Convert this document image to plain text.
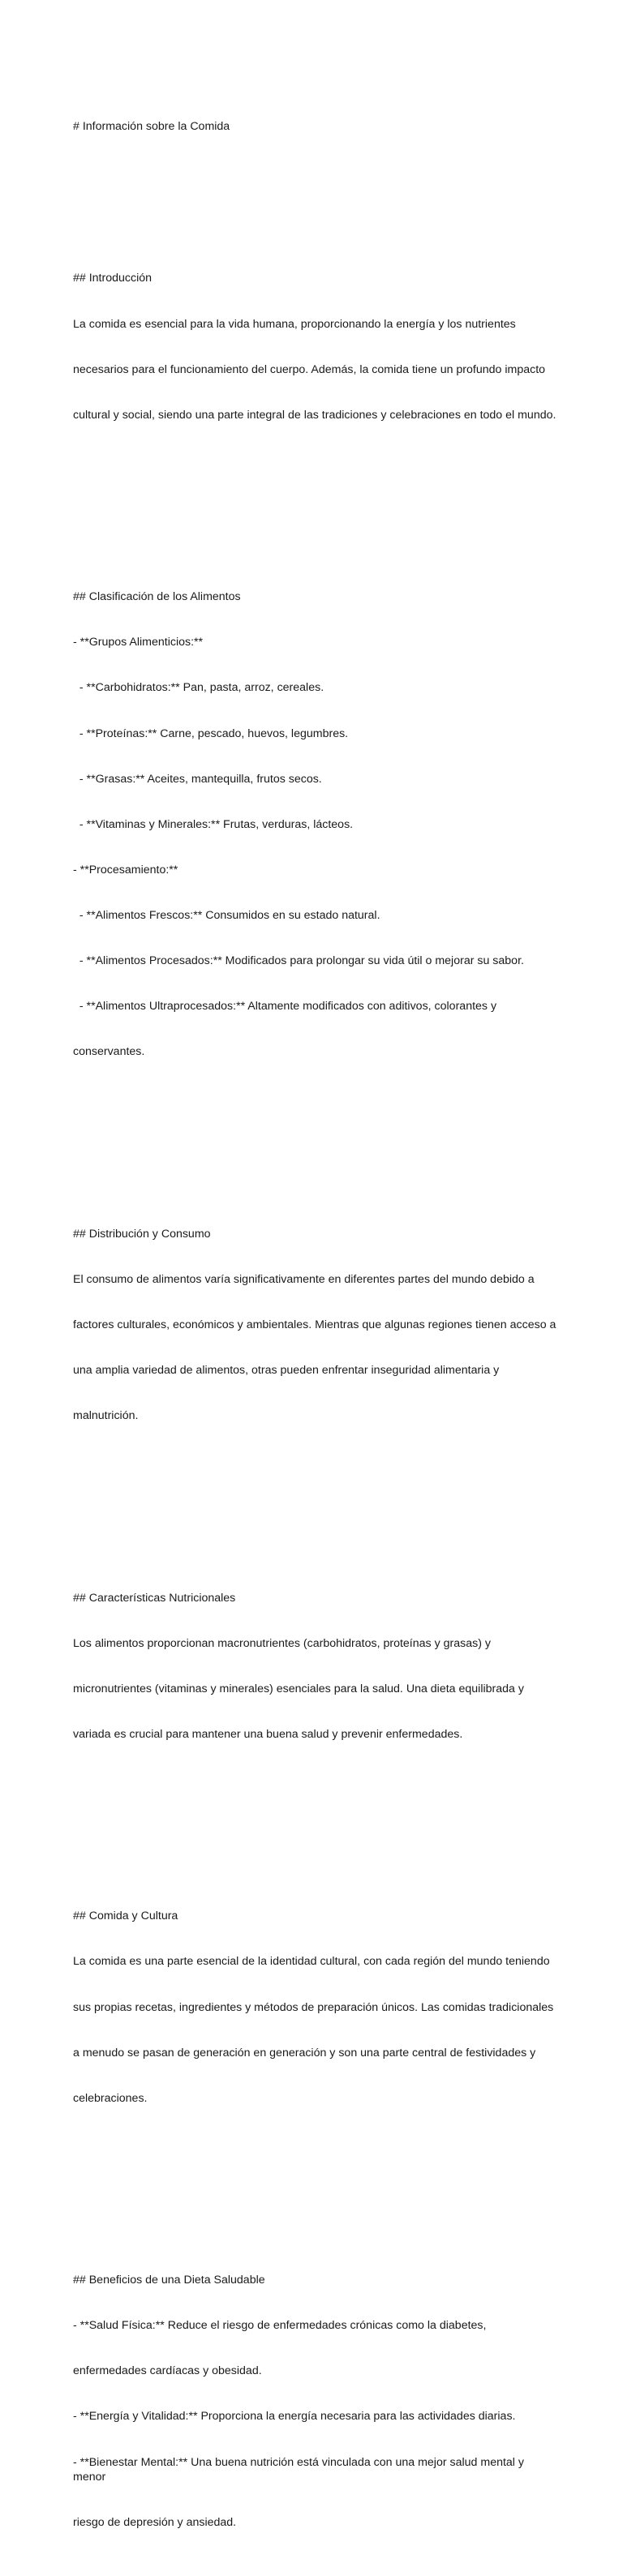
# Información sobre la Comida

## Introducción

La comida es esencial para la vida humana, proporcionando la energía y los nutrientes

necesarios para el funcionamiento del cuerpo. Además, la comida tiene un profundo impacto

cultural y social, siendo una parte integral de las tradiciones y celebraciones en todo el mundo.

## Clasificación de los Alimentos

- **Grupos Alimenticios:**

- **Carbohidratos:** Pan, pasta, arroz, cereales.

- **Proteínas:** Carne, pescado, huevos, legumbres.

- **Grasas:** Aceites, mantequilla, frutos secos.

- **Vitaminas y Minerales:** Frutas, verduras, lácteos.

- **Procesamiento:**

- **Alimentos Frescos:** Consumidos en su estado natural.

- **Alimentos Procesados:** Modificados para prolongar su vida útil o mejorar su sabor.

- **Alimentos Ultraprocesados:** Altamente modificados con aditivos, colorantes y

conservantes.

## Distribución y Consumo

El consumo de alimentos varía significativamente en diferentes partes del mundo debido a

factores culturales, económicos y ambientales. Mientras que algunas regiones tienen acceso a

una amplia variedad de alimentos, otras pueden enfrentar inseguridad alimentaria y

malnutrición.

## Características Nutricionales

Los alimentos proporcionan macronutrientes (carbohidratos, proteínas y grasas) y

micronutrientes (vitaminas y minerales) esenciales para la salud. Una dieta equilibrada y

variada es crucial para mantener una buena salud y prevenir enfermedades.

## Comida y Cultura

La comida es una parte esencial de la identidad cultural, con cada región del mundo teniendo

sus propias recetas, ingredientes y métodos de preparación únicos. Las comidas tradicionales

a menudo se pasan de generación en generación y son una parte central de festividades y

celebraciones.

## Beneficios de una Dieta Saludable

- **Salud Física:** Reduce el riesgo de enfermedades crónicas como la diabetes,

enfermedades cardíacas y obesidad.

- **Energía y Vitalidad:** Proporciona la energía necesaria para las actividades diarias.

- **Bienestar Mental:** Una buena nutrición está vinculada con una mejor salud mental y menor

riesgo de depresión y ansiedad.
